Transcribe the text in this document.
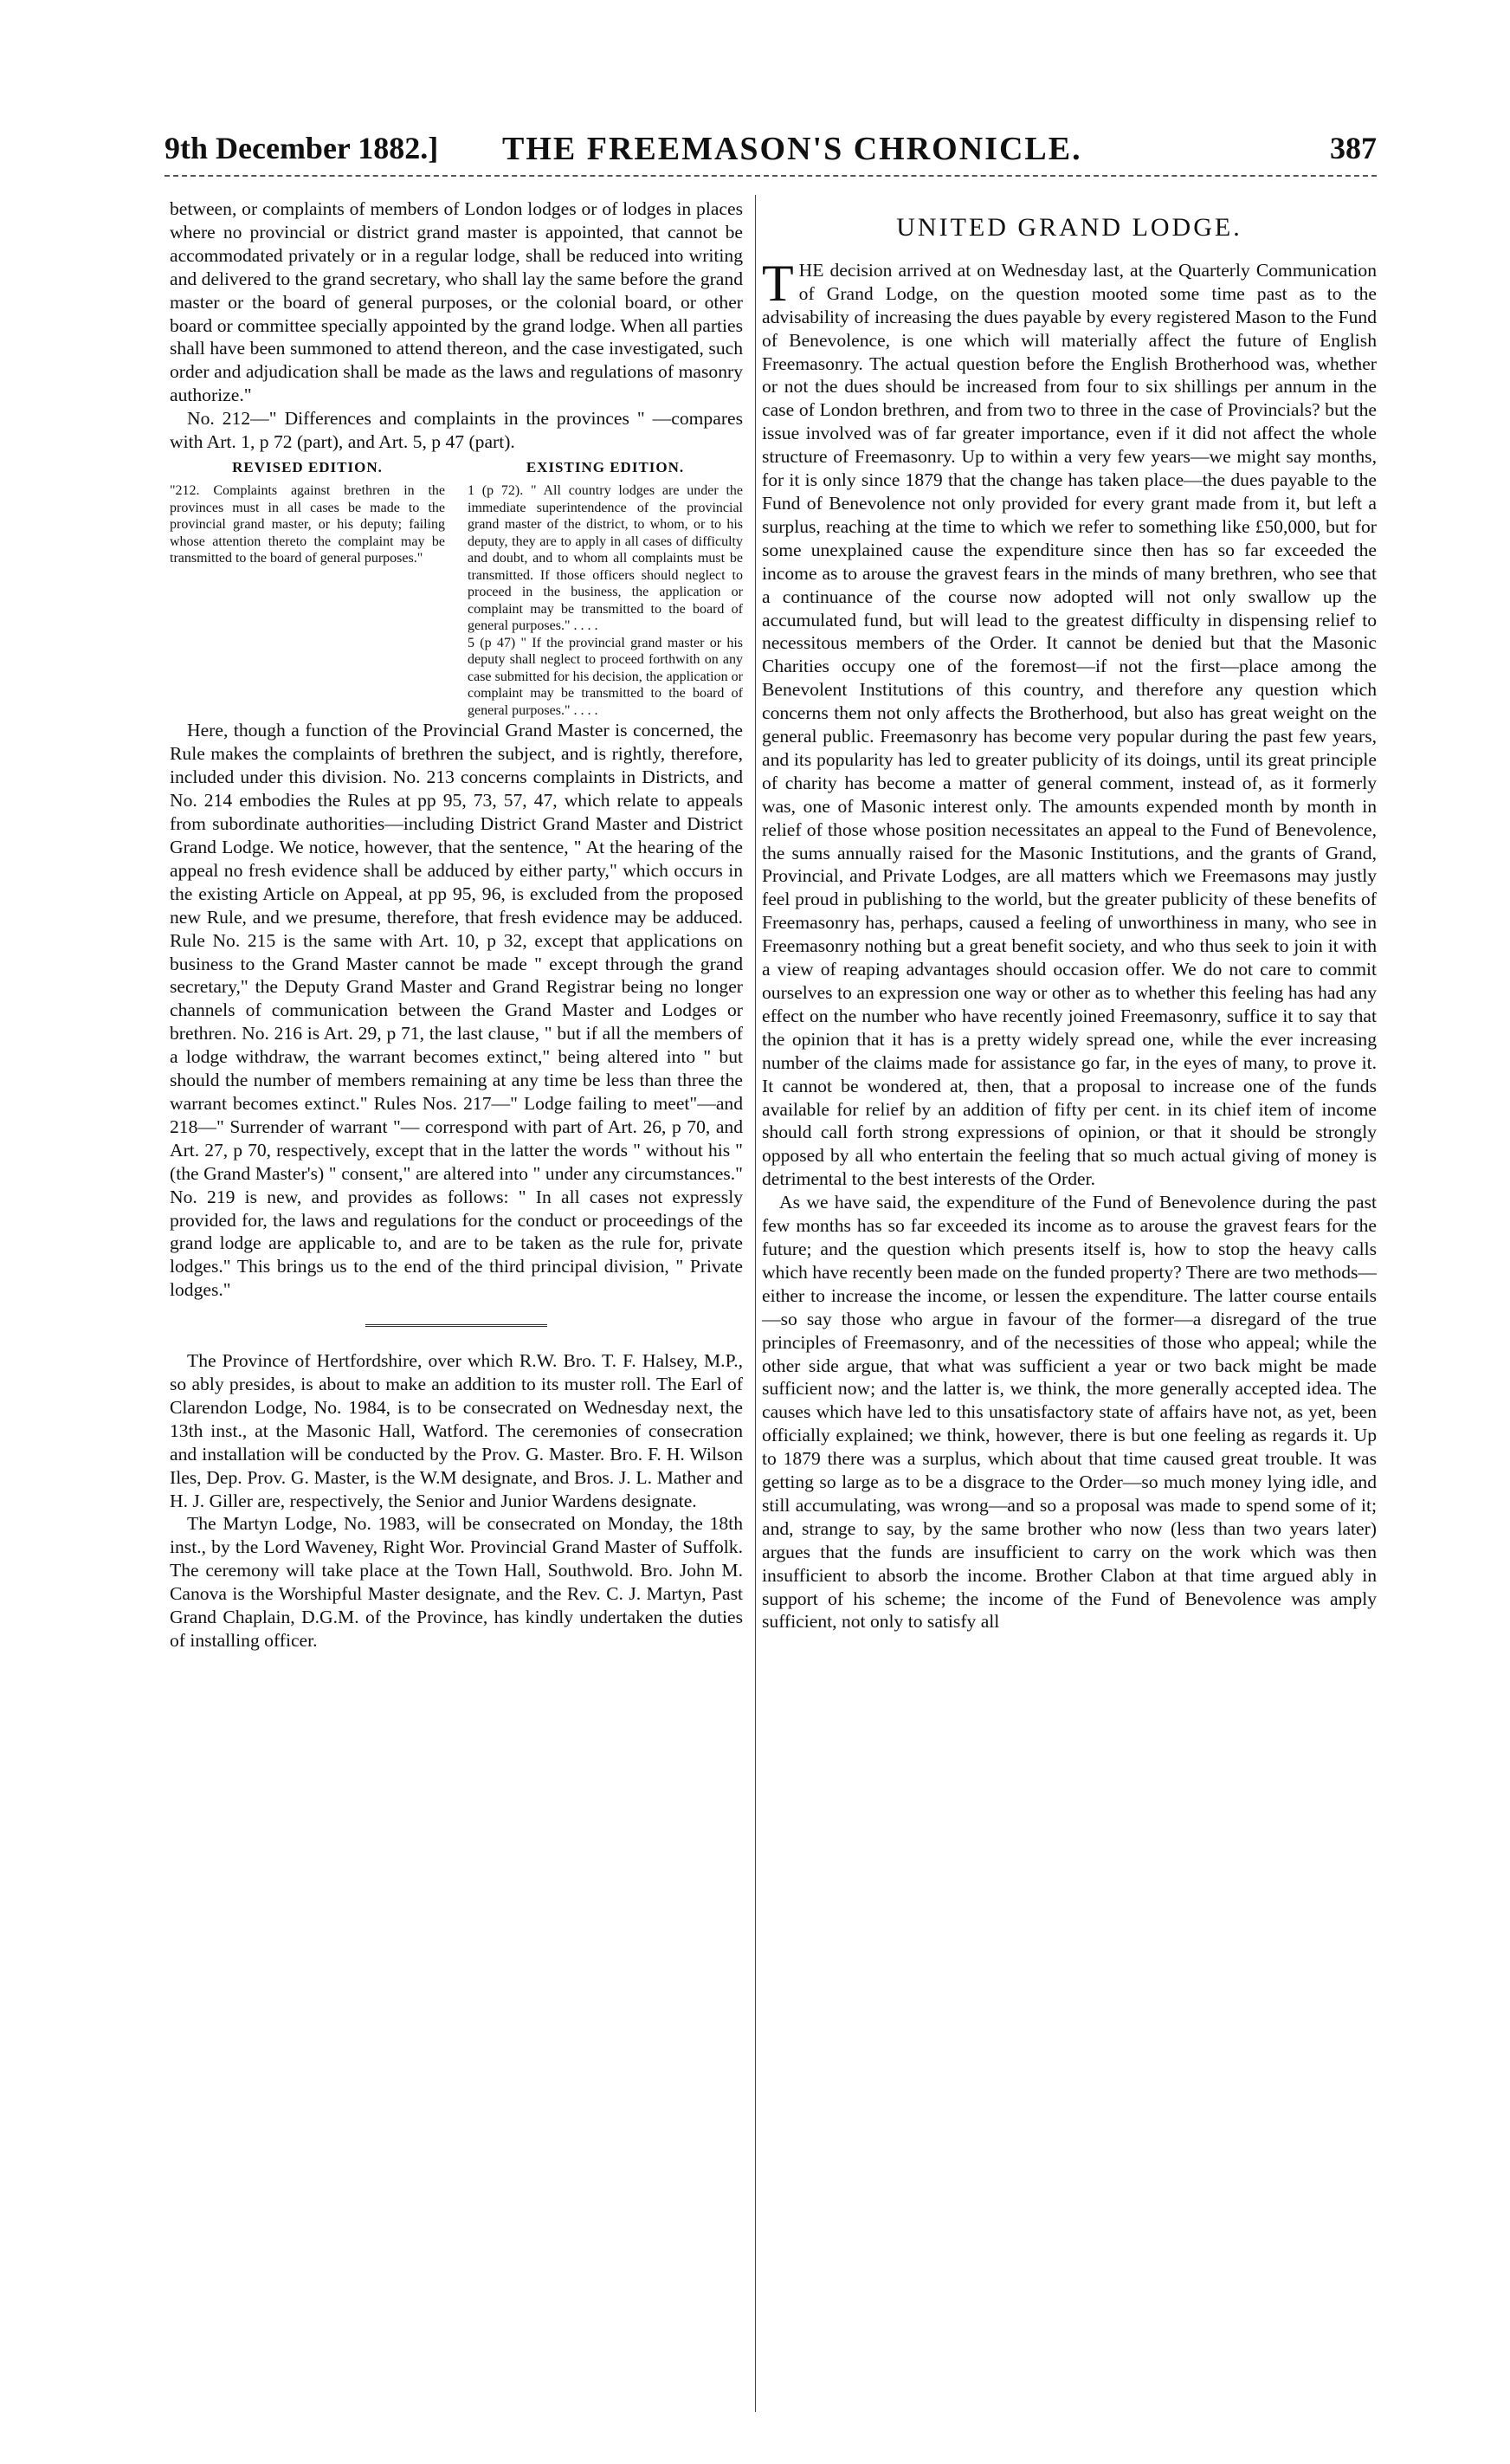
9th December 1882.] THE FREEMASON'S CHRONICLE.	387

between, or complaints of members of London lodges or of lodges in places where no provincial or district grand master is appointed, that cannot be accommodated privately or in a regular lodge, shall be reduced into writing and delivered to the grand secretary, who shall lay the same before the grand master or the board of general purposes, or the colonial board, or other board or committee specially appointed by the grand lodge. When all parties shall have been summoned to attend thereon, and the case investigated, such order and adjudication shall be made as the laws and regulations of masonry authorize."

No. 212—" Differences and complaints in the provinces " —compares with Art. 1, p 72 (part), and Art. 5, p 47 (part).

REVISED EDITION.

"212. Complaints against brethren in the provinces must in all cases be made to the provincial grand master, or his deputy; failing whose attention thereto the complaint may be transmitted to the board of general purposes."

EXISTING EDITION.

1 (p 72). " All country lodges are under the immediate superintendence of the provincial grand master of the district, to whom, or to his deputy, they are to apply in all cases of difficulty and doubt, and to whom all complaints must be transmitted. If those officers should neglect to proceed in the business, the application or complaint may be transmitted to the board of general purposes." . . . .

5 (p 47) " If the provincial grand master or his deputy shall neglect to proceed forthwith on any case submitted for his decision, the application or complaint may be transmitted to the board of general purposes." . . . .

Here, though a function of the Provincial Grand Master is concerned, the Rule makes the complaints of brethren the subject, and is rightly, therefore, included under this division. No. 213 concerns complaints in Districts, and No. 214 embodies the Rules at pp 95, 73, 57, 47, which relate to appeals from subordinate authorities—including District Grand Master and District Grand Lodge. We notice, however, that the sentence, " At the hearing of the appeal no fresh evidence shall be adduced by either party," which occurs in the existing Article on Appeal, at pp 95, 96, is excluded from the proposed new Rule, and we presume, therefore, that fresh evidence may be adduced. Rule No. 215 is the same with Art. 10, p 32, except that applications on business to the Grand Master cannot be made " except through the grand secretary," the Deputy Grand Master and Grand Registrar being no longer channels of communication between the Grand Master and Lodges or brethren. No. 216 is Art. 29, p 71, the last clause, " but if all the members of a lodge withdraw, the warrant becomes extinct," being altered into " but should the number of members remaining at any time be less than three the warrant becomes extinct." Rules Nos. 217—" Lodge failing to meet"—and 218—" Surrender of warrant "— correspond with part of Art. 26, p 70, and Art. 27, p 70, respectively, except that in the latter the words " without his " (the Grand Master's) " consent," are altered into " under any circumstances." No. 219 is new, and provides as follows: " In all cases not expressly provided for, the laws and regulations for the conduct or proceedings of the grand lodge are applicable to, and are to be taken as the rule for, private lodges." This brings us to the end of the third principal division, " Private lodges."

The Province of Hertfordshire, over which R.W. Bro. T. F. Halsey, M.P., so ably presides, is about to make an addition to its muster roll. The Earl of Clarendon Lodge, No. 1984, is to be consecrated on Wednesday next, the 13th inst., at the Masonic Hall, Watford. The ceremonies of consecration and installation will be conducted by the Prov. G. Master. Bro. F. H. Wilson Iles, Dep. Prov. G. Master, is the W.M designate, and Bros. J. L. Mather and H. J. Giller are, respectively, the Senior and Junior Wardens designate.

The Martyn Lodge, No. 1983, will be consecrated on Monday, the 18th inst., by the Lord Waveney, Right Wor. Provincial Grand Master of Suffolk. The ceremony will take place at the Town Hall, Southwold. Bro. John M. Canova is the Worshipful Master designate, and the Rev. C. J. Martyn, Past Grand Chaplain, D.G.M. of the Province, has kindly undertaken the duties of installing officer.

UNITED GRAND LODGE.

THE decision arrived at on Wednesday last, at the Quarterly Communication of Grand Lodge, on the question mooted some time past as to the advisability of increasing the dues payable by every registered Mason to the Fund of Benevolence, is one which will materially affect the future of English Freemasonry. The actual question before the English Brotherhood was, whether or not the dues should be increased from four to six shillings per annum in the case of London brethren, and from two to three in the case of Provincials? but the issue involved was of far greater importance, even if it did not affect the whole structure of Freemasonry. Up to within a very few years—we might say months, for it is only since 1879 that the change has taken place—the dues payable to the Fund of Benevolence not only provided for every grant made from it, but left a surplus, reaching at the time to which we refer to something like £50,000, but for some unexplained cause the expenditure since then has so far exceeded the income as to arouse the gravest fears in the minds of many brethren, who see that a continuance of the course now adopted will not only swallow up the accumulated fund, but will lead to the greatest difficulty in dispensing relief to necessitous members of the Order. It cannot be denied but that the Masonic Charities occupy one of the foremost—if not the first—place among the Benevolent Institutions of this country, and therefore any question which concerns them not only affects the Brotherhood, but also has great weight on the general public. Freemasonry has become very popular during the past few years, and its popularity has led to greater publicity of its doings, until its great principle of charity has become a matter of general comment, instead of, as it formerly was, one of Masonic interest only. The amounts expended month by month in relief of those whose position necessitates an appeal to the Fund of Benevolence, the sums annually raised for the Masonic Institutions, and the grants of Grand, Provincial, and Private Lodges, are all matters which we Freemasons may justly feel proud in publishing to the world, but the greater publicity of these benefits of Freemasonry has, perhaps, caused a feeling of unworthiness in many, who see in Freemasonry nothing but a great benefit society, and who thus seek to join it with a view of reaping advantages should occasion offer. We do not care to commit ourselves to an expression one way or other as to whether this feeling has had any effect on the number who have recently joined Freemasonry, suffice it to say that the opinion that it has is a pretty widely spread one, while the ever increasing number of the claims made for assistance go far, in the eyes of many, to prove it. It cannot be wondered at, then, that a proposal to increase one of the funds available for relief by an addition of fifty per cent. in its chief item of income should call forth strong expressions of opinion, or that it should be strongly opposed by all who entertain the feeling that so much actual giving of money is detrimental to the best interests of the Order.

As we have said, the expenditure of the Fund of Benevolence during the past few months has so far exceeded its income as to arouse the gravest fears for the future; and the question which presents itself is, how to stop the heavy calls which have recently been made on the funded property? There are two methods—either to increase the income, or lessen the expenditure. The latter course entails—so say those who argue in favour of the former—a disregard of the true principles of Freemasonry, and of the necessities of those who appeal; while the other side argue, that what was sufficient a year or two back might be made sufficient now; and the latter is, we think, the more generally accepted idea. The causes which have led to this unsatisfactory state of affairs have not, as yet, been officially explained; we think, however, there is but one feeling as regards it. Up to 1879 there was a surplus, which about that time caused great trouble. It was getting so large as to be a disgrace to the Order—so much money lying idle, and still accumulating, was wrong—and so a proposal was made to spend some of it; and, strange to say, by the same brother who now (less than two years later) argues that the funds are insufficient to carry on the work which was then insufficient to absorb the income. Brother Clabon at that time argued ably in support of his scheme; the income of the Fund of Benevolence was amply sufficient, not only to satisfy all
